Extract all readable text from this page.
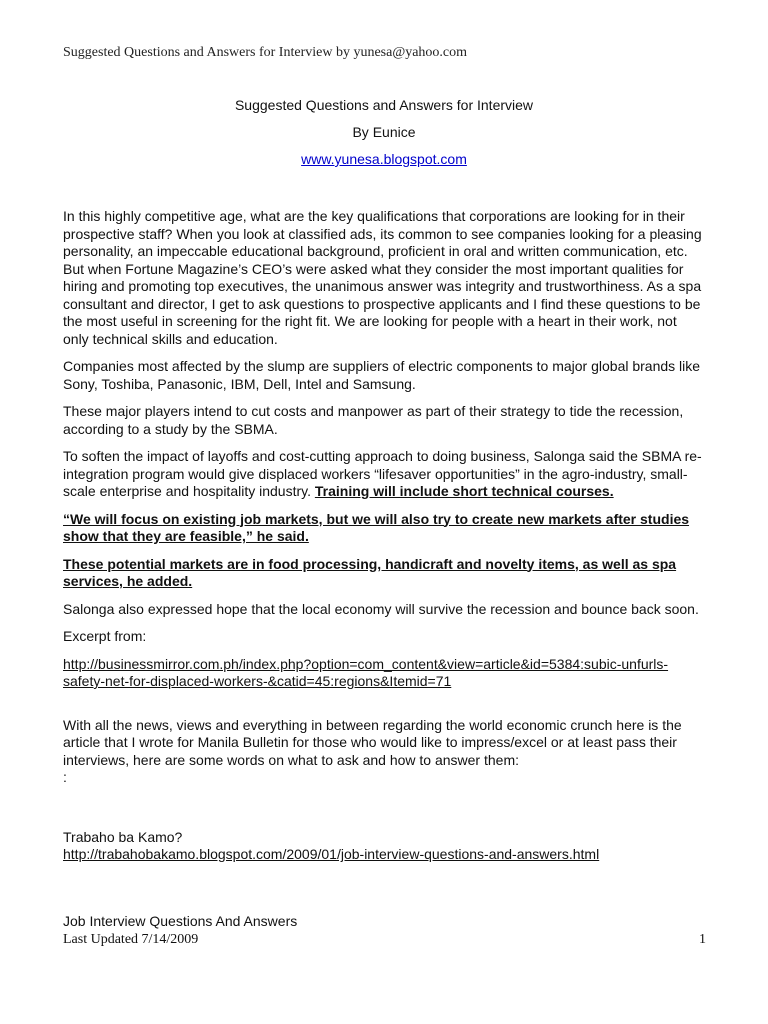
Suggested Questions and Answers for Interview by yunesa@yahoo.com
Suggested Questions and Answers for Interview
By Eunice
www.yunesa.blogspot.com

In this highly competitive age, what are the key qualifications that corporations are looking for in their prospective staff? When you look at classified ads, its common to see companies looking for a pleasing personality, an impeccable educational background, proficient in oral and written communication, etc. But when Fortune Magazine’s CEO’s were asked what they consider the most important qualities for hiring and promoting top executives, the unanimous answer was integrity and trustworthiness. As a spa consultant and director, I get to ask questions to prospective applicants and I find these questions to be the most useful in screening for the right fit. We are looking for people with a heart in their work, not only technical skills and education.

Companies most affected by the slump are suppliers of electric components to major global brands like Sony, Toshiba, Panasonic, IBM, Dell, Intel and Samsung.

These major players intend to cut costs and manpower as part of their strategy to tide the recession, according to a study by the SBMA.

To soften the impact of layoffs and cost-cutting approach to doing business, Salonga said the SBMA re-integration program would give displaced workers “lifesaver opportunities” in the agro-industry, small-scale enterprise and hospitality industry. Training will include short technical courses.

“We will focus on existing job markets, but we will also try to create new markets after studies show that they are feasible,” he said.

These potential markets are in food processing, handicraft and novelty items, as well as spa services, he added.

Salonga also expressed hope that the local economy will survive the recession and bounce back soon.

Excerpt from:

http://businessmirror.com.ph/index.php?option=com_content&view=article&id=5384:subic-unfurls-safety-net-for-displaced-workers-&catid=45:regions&Itemid=71

With all the news, views and everything in between regarding the world economic crunch here is the article that I wrote for Manila Bulletin for those who would like to impress/excel or at least pass their interviews, here are some words on what to ask and how to answer them:
:

Trabaho ba Kamo?
http://trabahobakamo.blogspot.com/2009/01/job-interview-questions-and-answers.html
Job Interview Questions And Answers
Last Updated 7/14/2009	1
